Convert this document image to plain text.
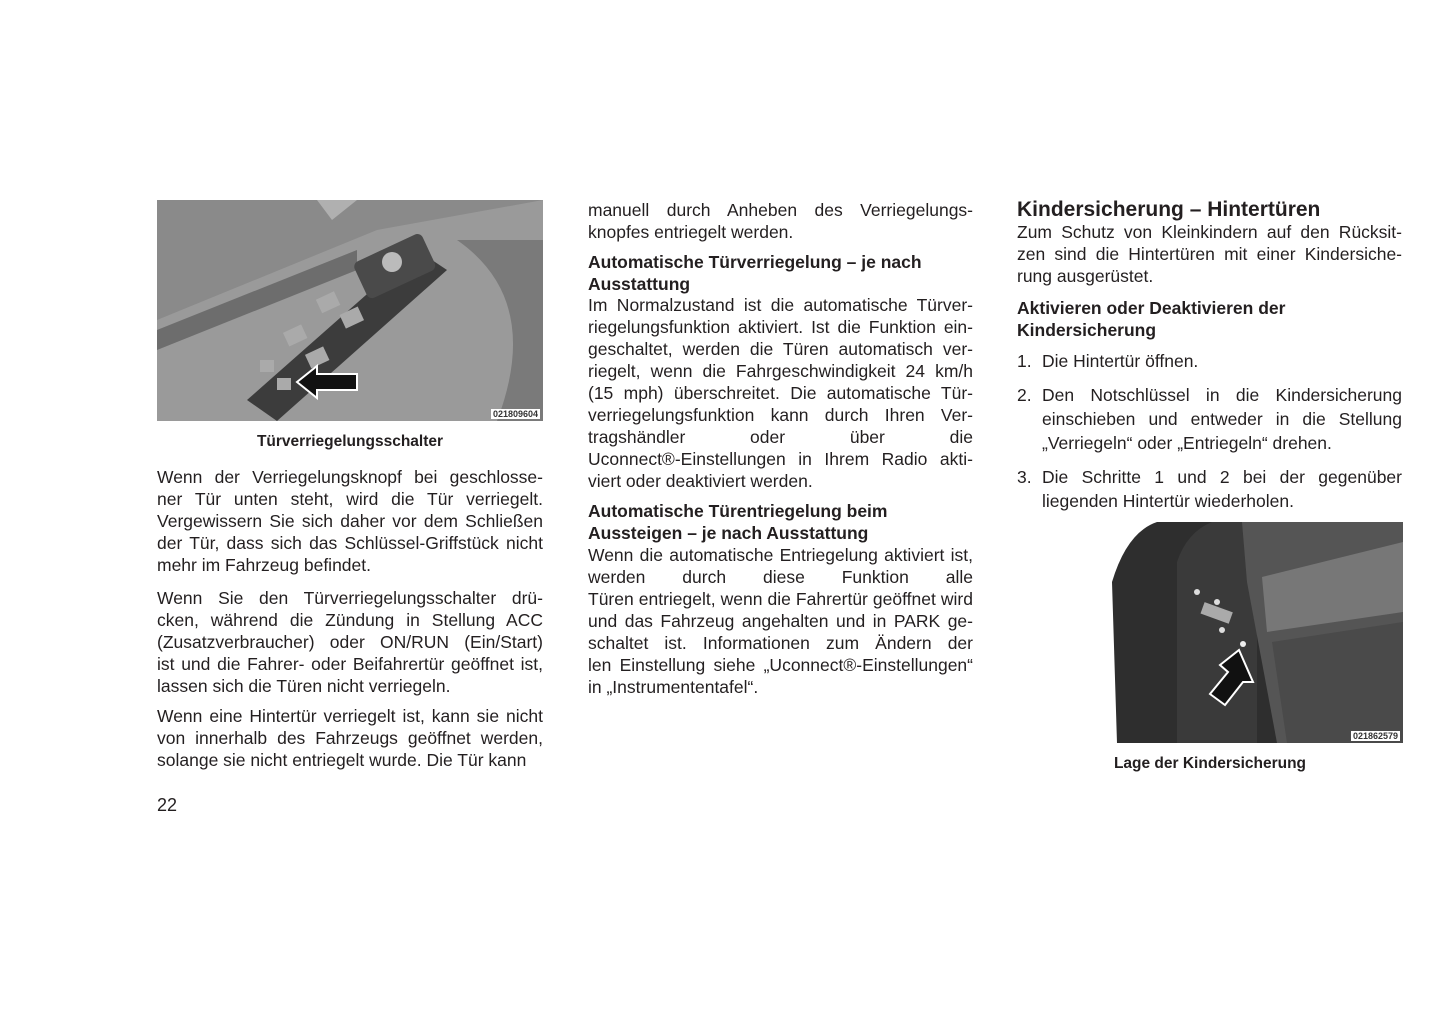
021809604
Türverriegelungsschalter
Wenn der Verriegelungsknopf bei geschlosse-
ner Tür unten steht, wird die Tür verriegelt.
Vergewissern Sie sich daher vor dem Schließen
der Tür, dass sich das Schlüssel-Griffstück nicht
mehr im Fahrzeug befindet.
Wenn Sie den Türverriegelungsschalter drü-
cken, während die Zündung in Stellung ACC
(Zusatzverbraucher) oder ON/RUN (Ein/Start)
ist und die Fahrer- oder Beifahrertür geöffnet ist,
lassen sich die Türen nicht verriegeln.
Wenn eine Hintertür verriegelt ist, kann sie nicht
von innerhalb des Fahrzeugs geöffnet werden,
solange sie nicht entriegelt wurde. Die Tür kann
manuell durch Anheben des Verriegelungs-
knopfes entriegelt werden.
Automatische Türverriegelung – je nach
Ausstattung
Im Normalzustand ist die automatische Türver-
riegelungsfunktion aktiviert. Ist die Funktion ein-
geschaltet, werden die Türen automatisch ver-
riegelt, wenn die Fahrgeschwindigkeit 24 km/h
(15 mph) überschreitet. Die automatische Tür-
verriegelungsfunktion kann durch Ihren Ver-
tragshändler oder über die
Uconnect®-Einstellungen in Ihrem Radio akti-
viert oder deaktiviert werden.
Automatische Türentriegelung beim
Aussteigen – je nach Ausstattung
Wenn die automatische Entriegelung aktiviert ist,
werden durch diese Funktion alle
Türen entriegelt, wenn die Fahrertür geöffnet wird
und das Fahrzeug angehalten und in PARK ge-
schaltet ist. Informationen zum Ändern der
len Einstellung siehe „Uconnect®-Einstellungen“
in „Instrumententafel“.
Kindersicherung – Hintertüren
Zum Schutz von Kleinkindern auf den Rücksit-
zen sind die Hintertüren mit einer Kindersiche-
rung ausgerüstet.
Aktivieren oder Deaktivieren der
Kindersicherung
1. Die Hintertür öffnen.
2. Den Notschlüssel in die Kindersicherung
einschieben und entweder in die Stellung
„Verriegeln“ oder „Entriegeln“ drehen.
3. Die Schritte 1 und 2 bei der gegenüber
liegenden Hintertür wiederholen.
021862579
Lage der Kindersicherung
22
